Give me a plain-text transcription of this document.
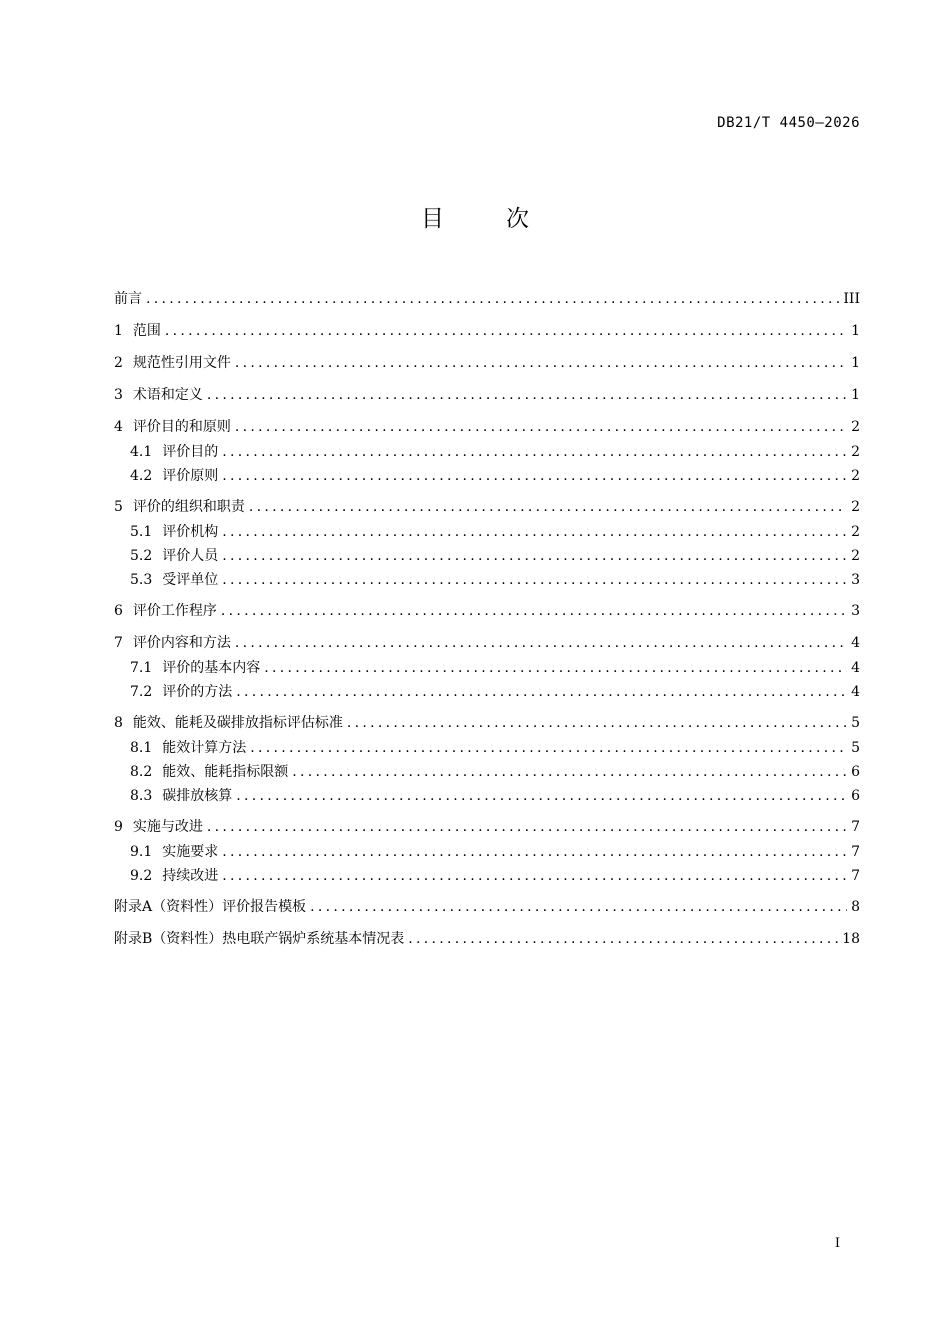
DB21/T 4450—2026
目	次
前言 .....	III
1 范围 .....	1
2 规范性引用文件 .....	1
3 术语和定义 .....	1
4 评价目的和原则 .....	2
4.1 评价目的 .....	2
4.2 评价原则 .....	2
5 评价的组织和职责 .....	2
5.1 评价机构 .....	2
5.2 评价人员 .....	2
5.3 受评单位 .....	3
6 评价工作程序 .....	3
7 评价内容和方法 .....	4
7.1 评价的基本内容 .....	4
7.2 评价的方法 .....	4
8 能效、能耗及碳排放指标评估标准 .....	5
8.1 能效计算方法 .....	5
8.2 能效、能耗指标限额 .....	6
8.3 碳排放核算 .....	6
9 实施与改进 .....	7
9.1 实施要求 .....	7
9.2 持续改进 .....	7
附录A（资料性）评价报告模板 .....	8
附录B（资料性）热电联产锅炉系统基本情况表 .....	18
I
